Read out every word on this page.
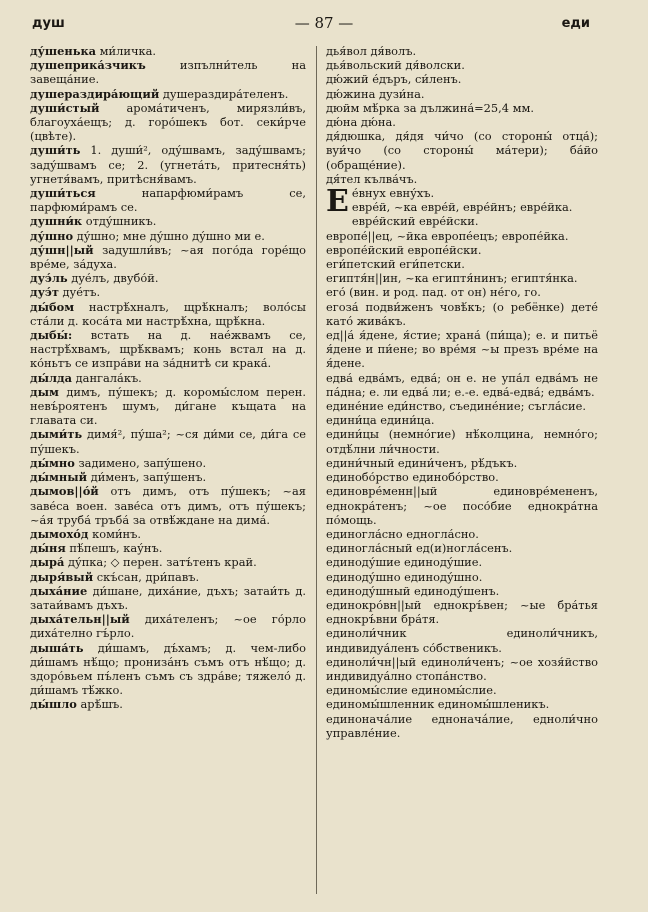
душ	— 87 —	еди

ду́шенька ми́личка.

душеприка́зчикъ изпълни́тель на завеща́ние.

душераздира́ющий душераздира́теленъ.

души́стый арома́тиченъ, мирязли́въ, благоуха́ещъ; д. горо́шекъ бот. секи́рче (цвѣте).

души́ть 1. души́², оду́швамъ, заду́швамъ; заду́швамъ се; 2. (угнета́ть, притесня́ть) угнетя́вамъ, притѣсня́вамъ.

души́ться напарфюми́рамъ се, парфюми́рамъ се.

душни́к отду́шникъ.

ду́шно ду́шно; мне ду́шно ду́шно ми е.

ду́шн||ый задушли́въ; ~ая пого́да горе́що вре́ме, за́духа.

дуэ́ль дуе́лъ, двубо́й.

дуэ́т дуе́тъ.

ды́бом настрѣ́хналъ, щрѣ́кналъ; воло́сы ста́ли д. коса́та ми настрѣ́хна, щрѣ́кна.

дыбы́: встать на д. нае́жвамъ се, настрѣ́хвамъ, щрѣ́квамъ; конь встал на д. ко́ньтъ се изпра́ви на за́днитѣ си крака́.

ды́лда дангала́къ.

дым димъ, пу́шекъ; д. коромы́слом перен. невъ́роятенъ шумъ, ди́гане къщата на главата си.

дыми́ть димя́², пу́ша²; ~ся ди́ми се, ди́га се пу́шекъ.

ды́мно задимено, запу́шено.

ды́мный ди́менъ, запу́шенъ.

дымов||о́й отъ димъ, отъ пу́шекъ; ~ая заве́са воен. заве́са отъ димъ, отъ пу́шекъ; ~а́я труба́ тръба́ за отвѣ́ждане на дима́.

дымохо́д коми́нъ.

ды́ня пѣ́пешъ, кау́нъ.

дыра́ ду́пка; ◇ перен. затъ́тенъ край.

дыря́вый скъ́сан, дри́павъ.

дыха́ние ди́шане, диха́ние, дъхъ; затаи́ть д. затаи́вамъ дъхъ.

дыха́тельн||ый диха́теленъ; ~ое го́рло диха́телно гъ́рло.

дыша́ть ди́шамъ, дъ́хамъ; д. чем-либо ди́шамъ нѣ́що; прониза́нъ съмъ отъ нѣ́що; д. здоро́вьем пъ́ленъ съмъ съ здра́ве; тяжело́ д. ди́шамъ тѣ́жко.

ды́шло арѣ́шъ.

дья́вол дя́волъ.

дья́вольский дя́волски.

дю́жий е́дъръ, си́ленъ.

дю́жина дузи́на.

дюйм мѣ́рка за дължина́=25,4 мм.

дю́на дю́на.

дя́дюшка, дя́дя чи́чо (со стороны́ отца́); вуи́чо (со стороны́ ма́тери); ба́йо (обраще́ние).

дя́тел кълва́чъ.

Ее́внух евну́хъ.

евре́й, ~ка евре́й, евре́йнъ; евре́йка.

евре́йский евре́йски.

европе́||ец, ~йка европе́ецъ; европе́йка.

европе́йский европе́йски.

еги́петский еги́петски.

египтя́н||ин, ~ка египтя́нинъ; египтя́нка.

его́ (вин. и род. пад. от он) не́го, го.

егоза́ подви́женъ човѣ́къ; (о ребёнке) дете́ като́ жива́къ.

ед||а́ я́дене, я́стие; храна́ (пи́ща); е. и питьё я́дене и пи́ене; во вре́мя ~ы презъ вре́ме на я́дене.

едва́ едва́мъ, едва́; он е. не упа́л едва́мъ не па́днa; е. ли едва́ ли; е.-е. едва́-едва́; едва́мъ.

едине́ние еди́нство, съедине́ние; съгла́сие.

едини́ца едини́ца.

едини́цы (немно́гие) нѣ́колцина, немно́го; отдѣ́лни ли́чности.

едини́чный едини́ченъ, рѣ́дъкъ.

единобо́рство единобо́рство.

единовре́менн||ый единовре́мененъ, еднокра́тенъ; ~ое посо́бие еднокра́тна по́мощь.

единогла́сно едногла́сно.

единогла́сный ед(и)ногла́сенъ.

единоду́шие единоду́шие.

единоду́шно единоду́шно.

единоду́шный единоду́шенъ.

единокро́вн||ый еднокръ́вен; ~ые бра́тья еднокръ́вни бра́тя.

единоли́чник единоли́чникъ, индивидуа́ленъ со́бственикъ.

единоли́чн||ый единоли́ченъ; ~ое хозя́йство индивидуа́лно стопа́нство.

единомы́слие единомы́слие.

единомы́шленник единомы́шленикъ.

единонача́лие едноначáлие, едноли́чно управле́ние.
